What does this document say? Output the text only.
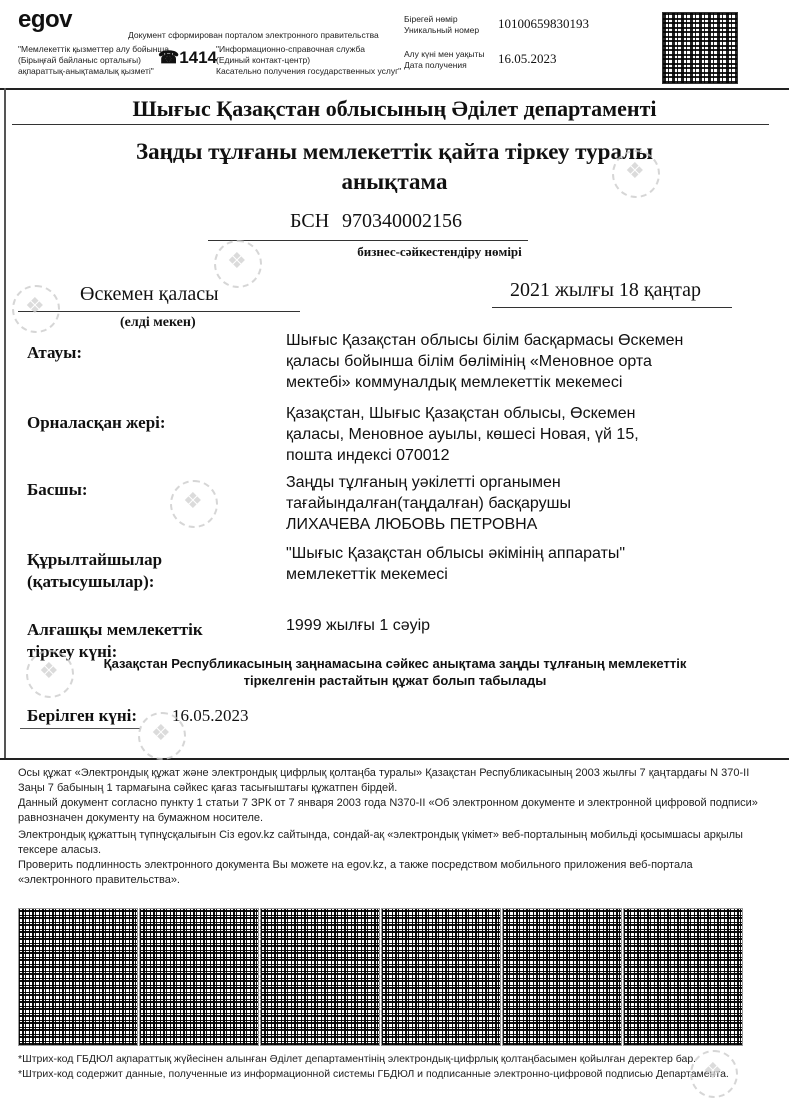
egov
Документ сформирован порталом электронного правительства
"Мемлекеттік қызметтер алу бойынша
(Бірыңғай байланыс орталығы)
ақпараттық-анықтамалық қызметі"
☎1414
"Информационно-справочная служба
(Единый контакт-центр)
Касательно получения государственных услуг"
Бірегей нөмір
Уникальный номер 10100659830193
Алу күні мен уақыты
Дата получения	16.05.2023
Шығыс Қазақстан облысының Әділет департаменті
Заңды тұлғаны мемлекеттік қайта тіркеу туралы
анықтама
БСН 970340002156
бизнес-сәйкестендіру нөмірі
Өскемен қаласы
(елді мекен)
2021 жылғы 18 қаңтар
Атауы:
Шығыс Қазақстан облысы білім басқармасы Өскемен
қаласы бойынша білім бөлімінің «Меновное орта
мектебі» коммуналдық мемлекеттік мекемесі
Орналасқан жері:	Қазақстан, Шығыс Қазақстан облысы, Өскемен
қаласы, Меновное ауылы, көшесі Новая, үй 15,
пошта индексі 070012
Басшы:	Заңды тұлғаның уәкілетті органымен
тағайындалған(таңдалған) басқарушы
ЛИХАЧЕВА ЛЮБОВЬ ПЕТРОВНА
Құрылтайшылар
(қатысушылар):
"Шығыс Қазақстан облысы әкімінің аппараты"
мемлекеттік мекемесі
Алғашқы мемлекеттік
тіркеу күні:
1999 жылғы 1 сәуір
Қазақстан Республикасының заңнамасына сәйкес анықтама заңды тұлғаның мемлекеттік
тіркелгенін растайтын құжат болып табылады
Берілген күні: 16.05.2023
Осы құжат «Электрондық құжат және электрондық цифрлық қолтаңба туралы» Қазақстан Республикасының 2003 жылғы 7 қаңтардағы N 370-II Заңы 7 бабының 1 тармағына сәйкес қағаз тасығыштағы құжатпен бірдей.
Данный документ согласно пункту 1 статьи 7 ЗРК от 7 января 2003 года N370-II «Об электронном документе и электронной цифровой подписи» равнозначен документу на бумажном носителе.
Электрондық құжаттың түпнұсқалығын Сіз egov.kz сайтында, сондай-ақ «электрондық үкімет» веб-порталының мобильді қосымшасы арқылы тексере аласыз.
Проверить подлинность электронного документа Вы можете на egov.kz, а также посредством мобильного приложения веб-портала «электронного правительства».
*Штрих-код ГБДЮЛ ақпараттық жүйесінен алынған Әділет департаментінің электрондық-цифрлық қолтаңбасымен қойылған деректер бар.
*Штрих-код содержит данные, полученные из информационной системы ГБДЮЛ и подписанные электронно-цифровой подписью Департамента.
❖
❖
❖
❖
❖
❖
❖
